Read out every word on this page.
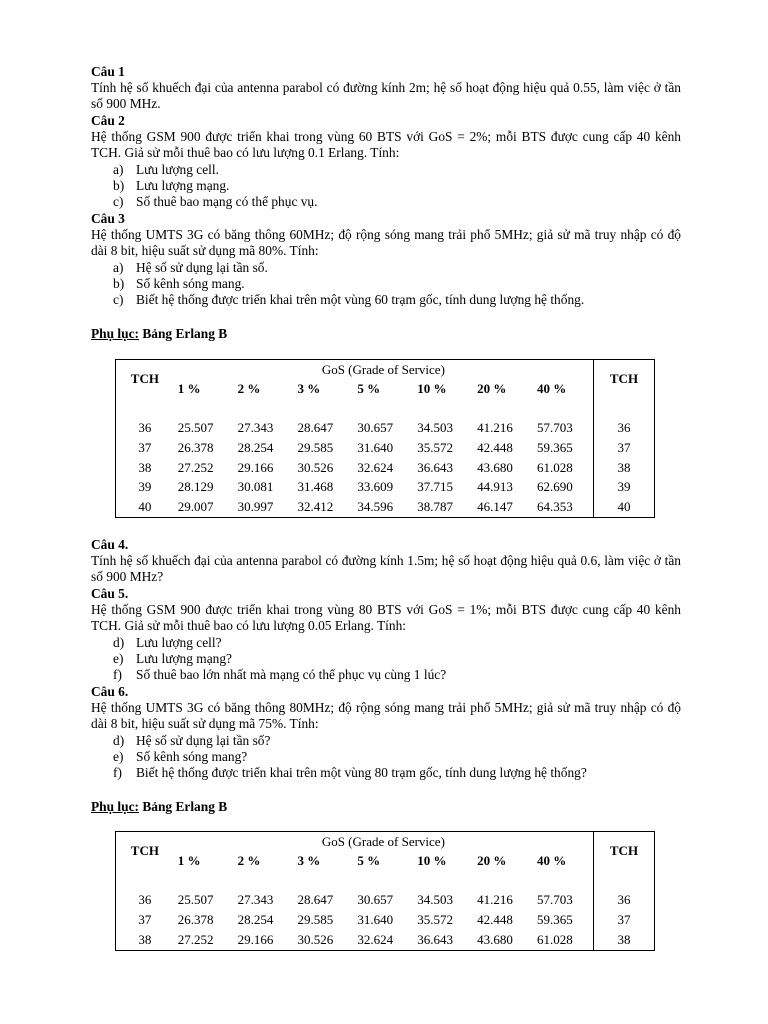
Câu 1
Tính hệ số khuếch đại của antenna parabol có đường kính 2m; hệ số hoạt động hiệu quả 0.55, làm việc ở tần số 900 MHz.
Câu 2
Hệ thống GSM 900 được triển khai trong vùng 60 BTS với GoS = 2%; mỗi BTS được cung cấp 40 kênh TCH. Giả sử mỗi thuê bao có lưu lượng 0.1 Erlang. Tính:
a) Lưu lượng cell.
b) Lưu lượng mạng.
c) Số thuê bao mạng có thể phục vụ.
Câu 3
Hệ thống UMTS 3G có băng thông 60MHz; độ rộng sóng mang trải phổ 5MHz; giả sử mã truy nhập có độ dài 8 bit, hiệu suất sử dụng mã 80%. Tính:
a) Hệ số sử dụng lại tần số.
b) Số kênh sóng mang.
c) Biết hệ thống được triển khai trên một vùng 60 trạm gốc, tính dung lượng hệ thống.
Phụ lục: Bảng Erlang B
TCH	GoS (Grade of Service)							TCH
	1 %	2 %	3 %	5 %	10 %	20 %	40 %	

36	25.507	27.343	28.647	30.657	34.503	41.216	57.703	36
37	26.378	28.254	29.585	31.640	35.572	42.448	59.365	37
38	27.252	29.166	30.526	32.624	36.643	43.680	61.028	38
39	28.129	30.081	31.468	33.609	37.715	44.913	62.690	39
40	29.007	30.997	32.412	34.596	38.787	46.147	64.353	40
Câu 4.
Tính hệ số khuếch đại của antenna parabol có đường kính 1.5m; hệ số hoạt động hiệu quả 0.6, làm việc ở tần số 900 MHz?
Câu 5.
Hệ thống GSM 900 được triển khai trong vùng 80 BTS với GoS = 1%; mỗi BTS được cung cấp 40 kênh TCH. Giả sử mỗi thuê bao có lưu lượng 0.05 Erlang. Tính:
d) Lưu lượng cell?
e) Lưu lượng mạng?
f) Số thuê bao lớn nhất mà mạng có thể phục vụ cùng 1 lúc?
Câu 6.
Hệ thống UMTS 3G có băng thông 80MHz; độ rộng sóng mang trải phổ 5MHz; giả sử mã truy nhập có độ dài 8 bit, hiệu suất sử dụng mã 75%. Tính:
d) Hệ số sử dụng lại tần số?
e) Số kênh sóng mang?
f) Biết hệ thống được triển khai trên một vùng 80 trạm gốc, tính dung lượng hệ thống?
Phụ lục: Bảng Erlang B
TCH	GoS (Grade of Service)							TCH
	1 %	2 %	3 %	5 %	10 %	20 %	40 %	

36	25.507	27.343	28.647	30.657	34.503	41.216	57.703	36
37	26.378	28.254	29.585	31.640	35.572	42.448	59.365	37
38	27.252	29.166	30.526	32.624	36.643	43.680	61.028	38
